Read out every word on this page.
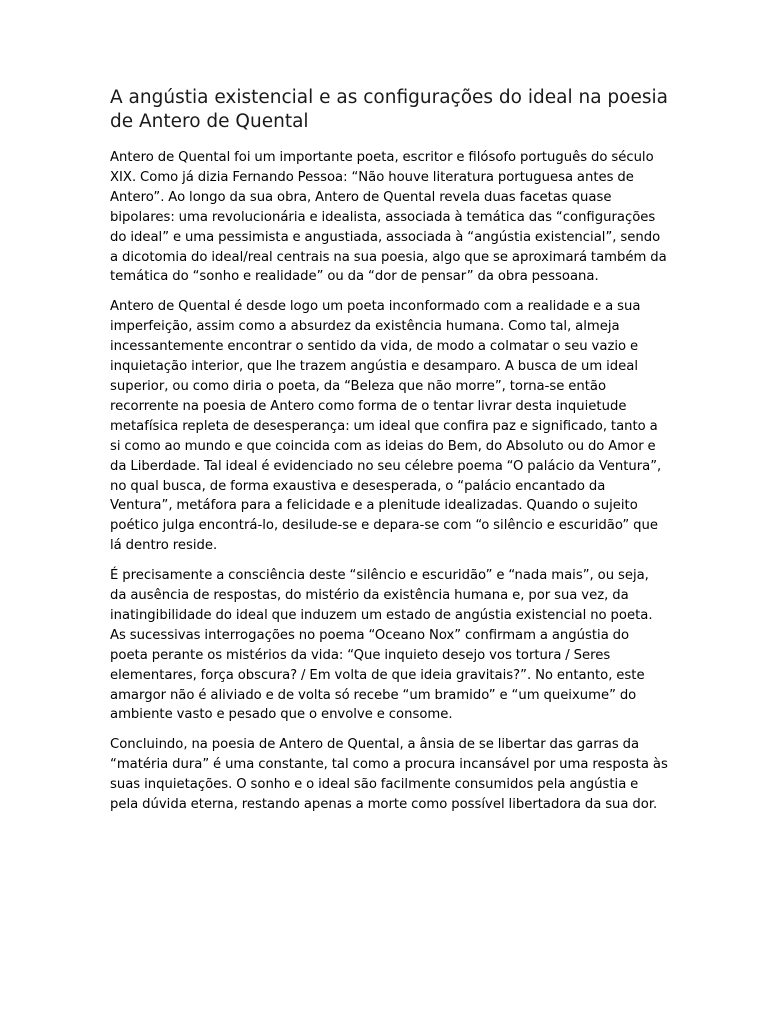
A angústia existencial e as configurações do ideal na poesia de Antero de Quental

Antero de Quental foi um importante poeta, escritor e filósofo português do século XIX. Como já dizia Fernando Pessoa: “Não houve literatura portuguesa antes de Antero”. Ao longo da sua obra, Antero de Quental revela duas facetas quase bipolares: uma revolucionária e idealista, associada à temática das “configurações do ideal” e uma pessimista e angustiada, associada à “angústia existencial”, sendo a dicotomia do ideal/real centrais na sua poesia, algo que se aproximará também da temática do “sonho e realidade” ou da “dor de pensar” da obra pessoana.

Antero de Quental é desde logo um poeta inconformado com a realidade e a sua imperfeição, assim como a absurdez da existência humana. Como tal, almeja incessantemente encontrar o sentido da vida, de modo a colmatar o seu vazio e inquietação interior, que lhe trazem angústia e desamparo. A busca de um ideal superior, ou como diria o poeta, da “Beleza que não morre”, torna-se então recorrente na poesia de Antero como forma de o tentar livrar desta inquietude metafísica repleta de desesperança: um ideal que confira paz e significado, tanto a si como ao mundo e que coincida com as ideias do Bem, do Absoluto ou do Amor e da Liberdade. Tal ideal é evidenciado no seu célebre poema “O palácio da Ventura”, no qual busca, de forma exaustiva e desesperada, o “palácio encantado da Ventura”, metáfora para a felicidade e a plenitude idealizadas. Quando o sujeito poético julga encontrá-lo, desilude-se e depara-se com “o silêncio e escuridão” que lá dentro reside.

É precisamente a consciência deste “silêncio e escuridão” e “nada mais”, ou seja, da ausência de respostas, do mistério da existência humana e, por sua vez, da inatingibilidade do ideal que induzem um estado de angústia existencial no poeta. As sucessivas interrogações no poema “Oceano Nox” confirmam a angústia do poeta perante os mistérios da vida: “Que inquieto desejo vos tortura / Seres elementares, força obscura? / Em volta de que ideia gravitais?”. No entanto, este amargor não é aliviado e de volta só recebe “um bramido” e “um queixume” do ambiente vasto e pesado que o envolve e consome.

Concluindo, na poesia de Antero de Quental, a ânsia de se libertar das garras da “matéria dura” é uma constante, tal como a procura incansável por uma resposta às suas inquietações. O sonho e o ideal são facilmente consumidos pela angústia e pela dúvida eterna, restando apenas a morte como possível libertadora da sua dor.
